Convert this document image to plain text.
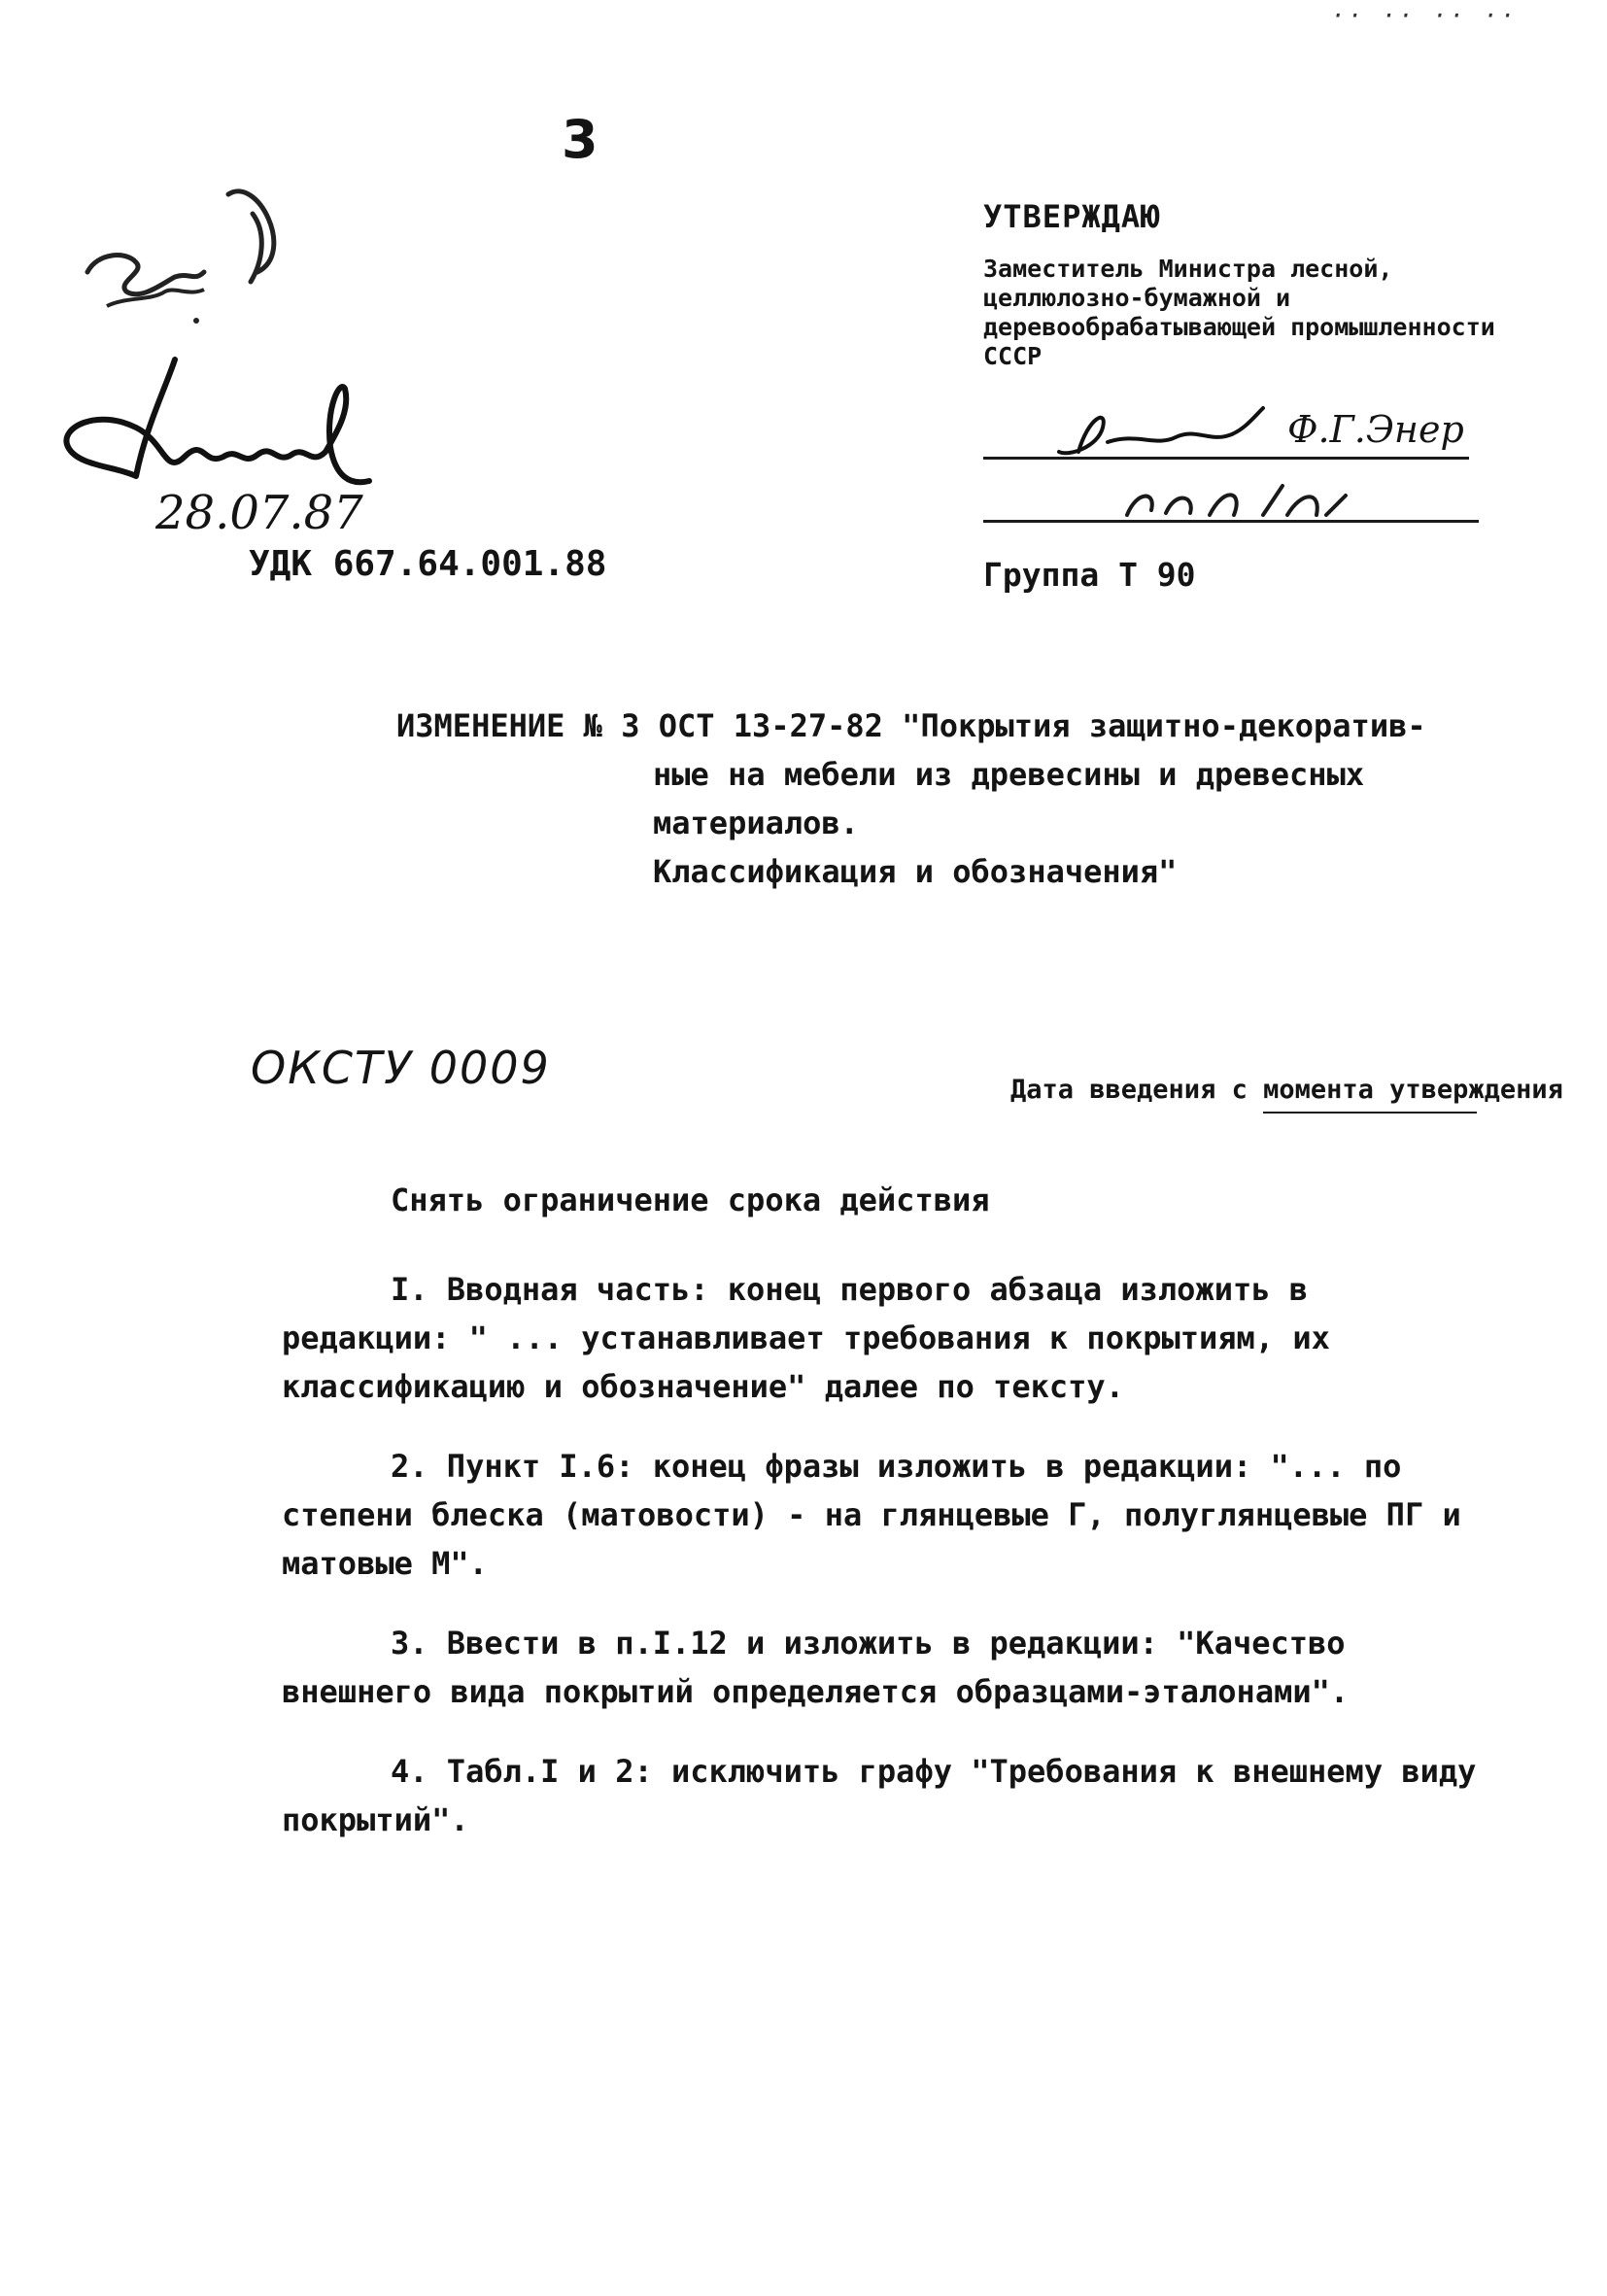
·· ·· ·· ··
3
28.07.87
УДК 667.64.001.88
УТВЕРЖДАЮ
Заместитель Министра лесной, целлюлозно-бумажной и деревообрабатывающей промышленности СССР
Ф.Г.Энер
Группа Т 90

ИЗМЕНЕНИЕ № 3 ОСТ 13-27-82 "Покрытия защитно-декоратив-

ные на мебели из древесины и древесных

материалов.

Классификация и обозначения"

ОКСТУ 0009	Дата введения с момента утверждения

Снять ограничение срока действия

I. Вводная часть: конец первого абзаца изложить в редакции: " ... устанавливает требования к покрытиям, их классификацию и обозначение" далее по тексту.

2. Пункт I.6: конец фразы изложить в редакции: "... по степени блеска (матовости) - на глянцевые Г, полуглянцевые ПГ и матовые М".

3. Ввести в п.I.12 и изложить в редакции: "Качество внешнего вида покрытий определяется образцами-эталонами".

4. Табл.I и 2: исключить графу "Требования к внешнему виду покрытий".
